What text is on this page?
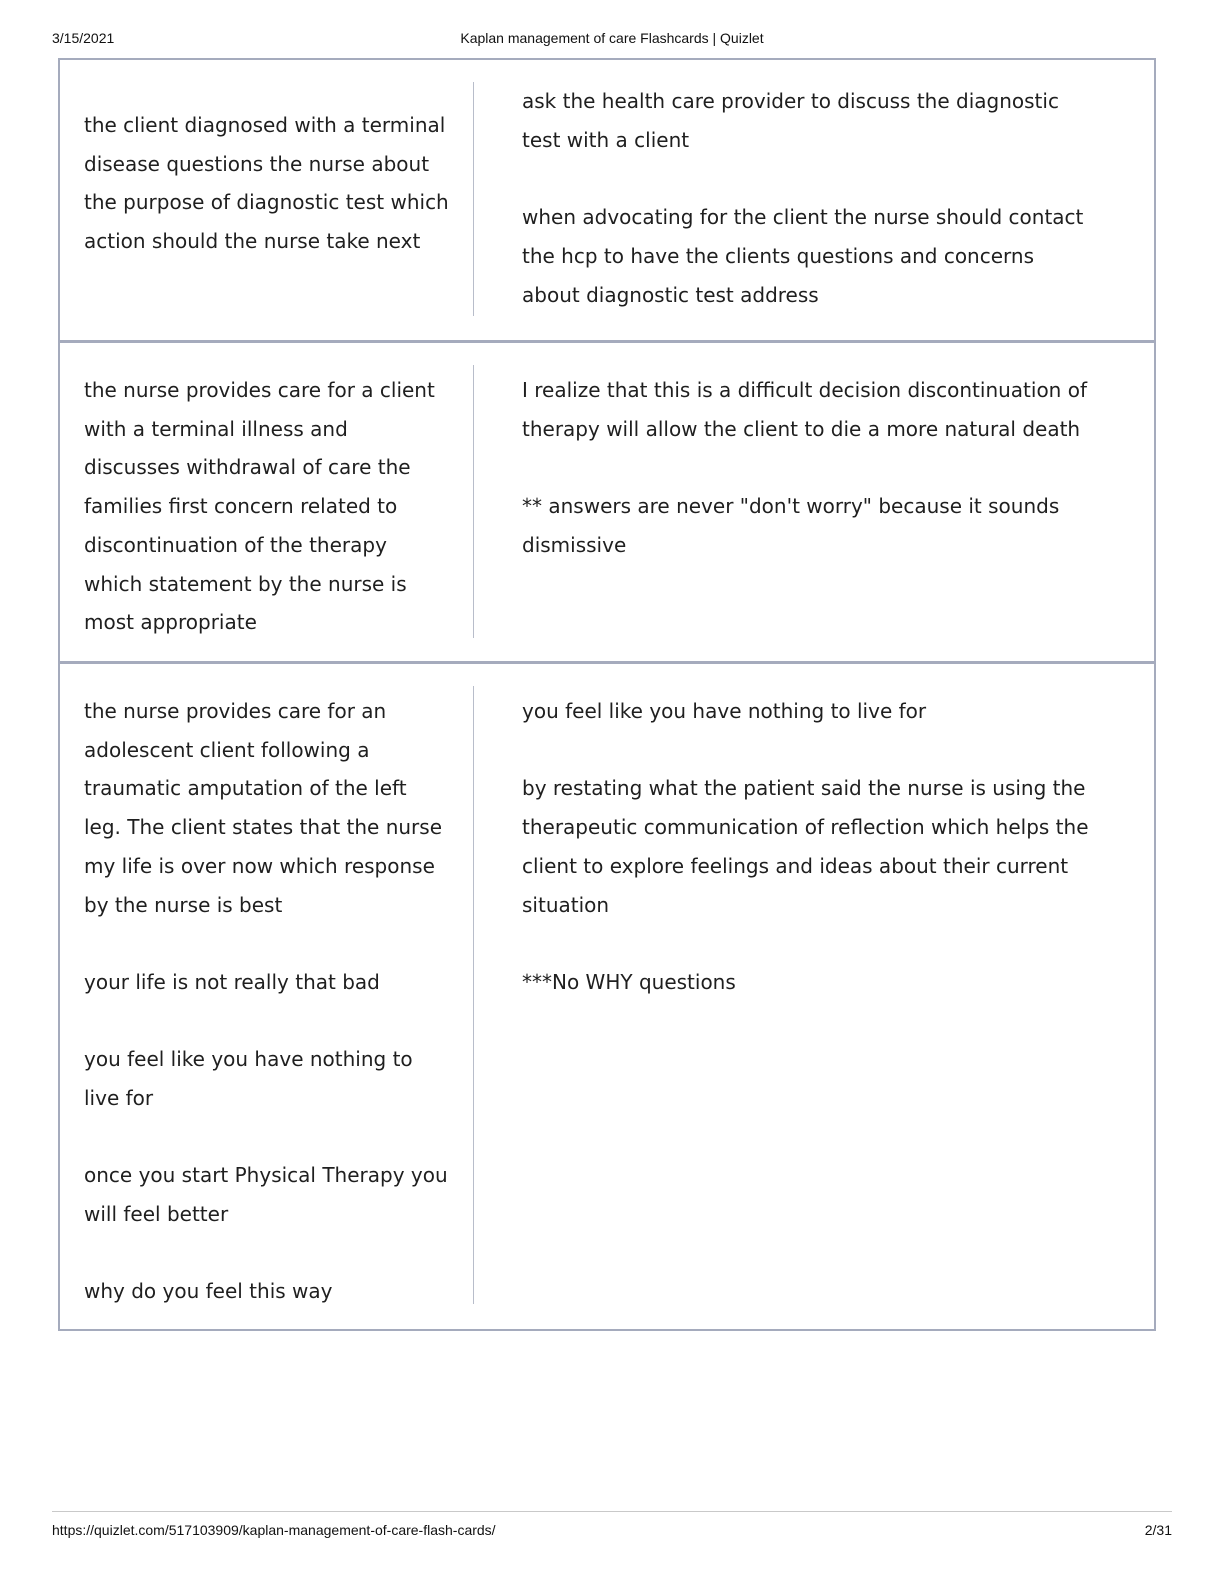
3/15/2021	Kaplan management of care Flashcards | Quizlet

the client diagnosed with a terminal disease questions the nurse about the purpose of diagnostic test which action should the nurse take next

ask the health care provider to discuss the diagnostic test with a client

when advocating for the client the nurse should contact the hcp to have the clients questions and concerns about diagnostic test address

the nurse provides care for a client with a terminal illness and discusses withdrawal of care the families first concern related to discontinuation of the therapy which statement by the nurse is most appropriate

I realize that this is a difficult decision discontinuation of therapy will allow the client to die a more natural death

** answers are never "don't worry" because it sounds dismissive

the nurse provides care for an adolescent client following a traumatic amputation of the left leg. The client states that the nurse my life is over now which response by the nurse is best

your life is not really that bad

you feel like you have nothing to live for

once you start Physical Therapy you will feel better

why do you feel this way

you feel like you have nothing to live for

by restating what the patient said the nurse is using the therapeutic communication of reflection which helps the client to explore feelings and ideas about their current situation

***No WHY questions

https://quizlet.com/517103909/kaplan-management-of-care-flash-cards/	2/31
